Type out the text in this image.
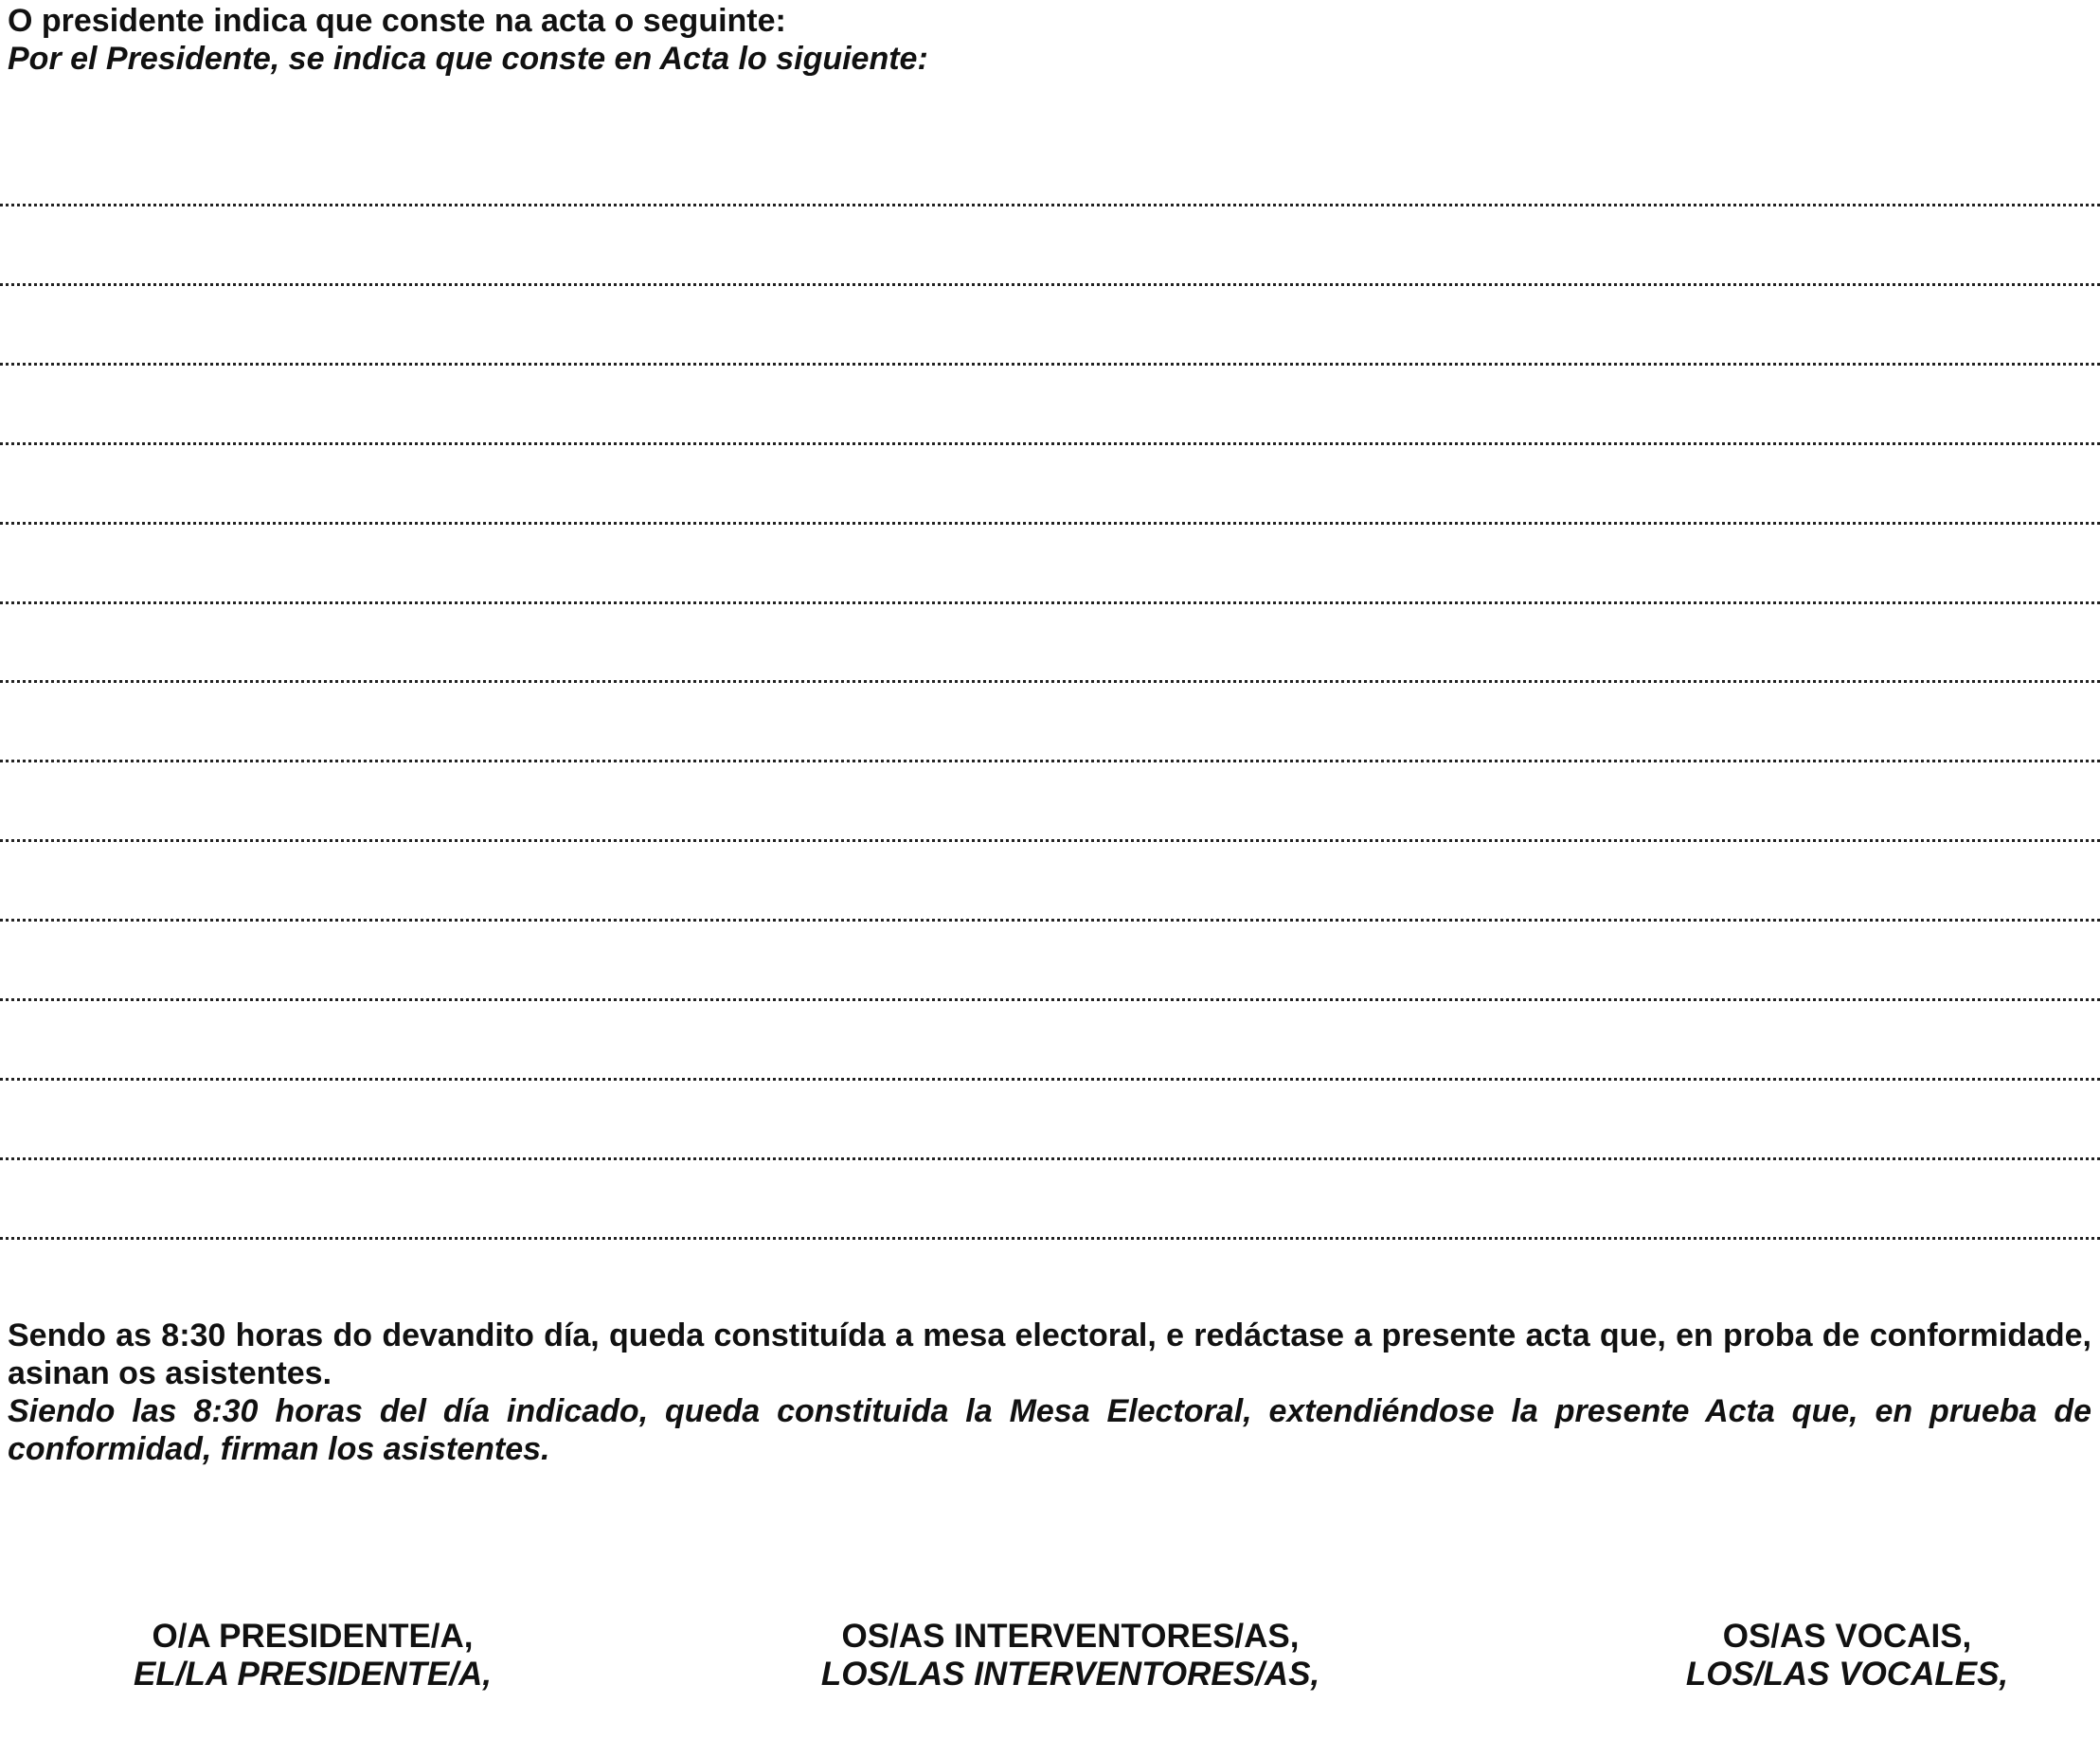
O presidente indica que conste na acta o seguinte:
Por el Presidente, se indica que conste en Acta lo siguiente:

Sendo as 8:30 horas do devandito día, queda constituída a mesa electoral, e redáctase a presente acta que, en proba de conformidade, asinan os asistentes.

Siendo las 8:30 horas del día indicado, queda constituida la Mesa Electoral, extendiéndose la presente Acta que, en prueba de conformidad, firman los asistentes.

O/A PRESIDENTE/A,
EL/LA PRESIDENTE/A,
OS/AS INTERVENTORES/AS,
LOS/LAS INTERVENTORES/AS,
OS/AS VOCAIS,
LOS/LAS VOCALES,
